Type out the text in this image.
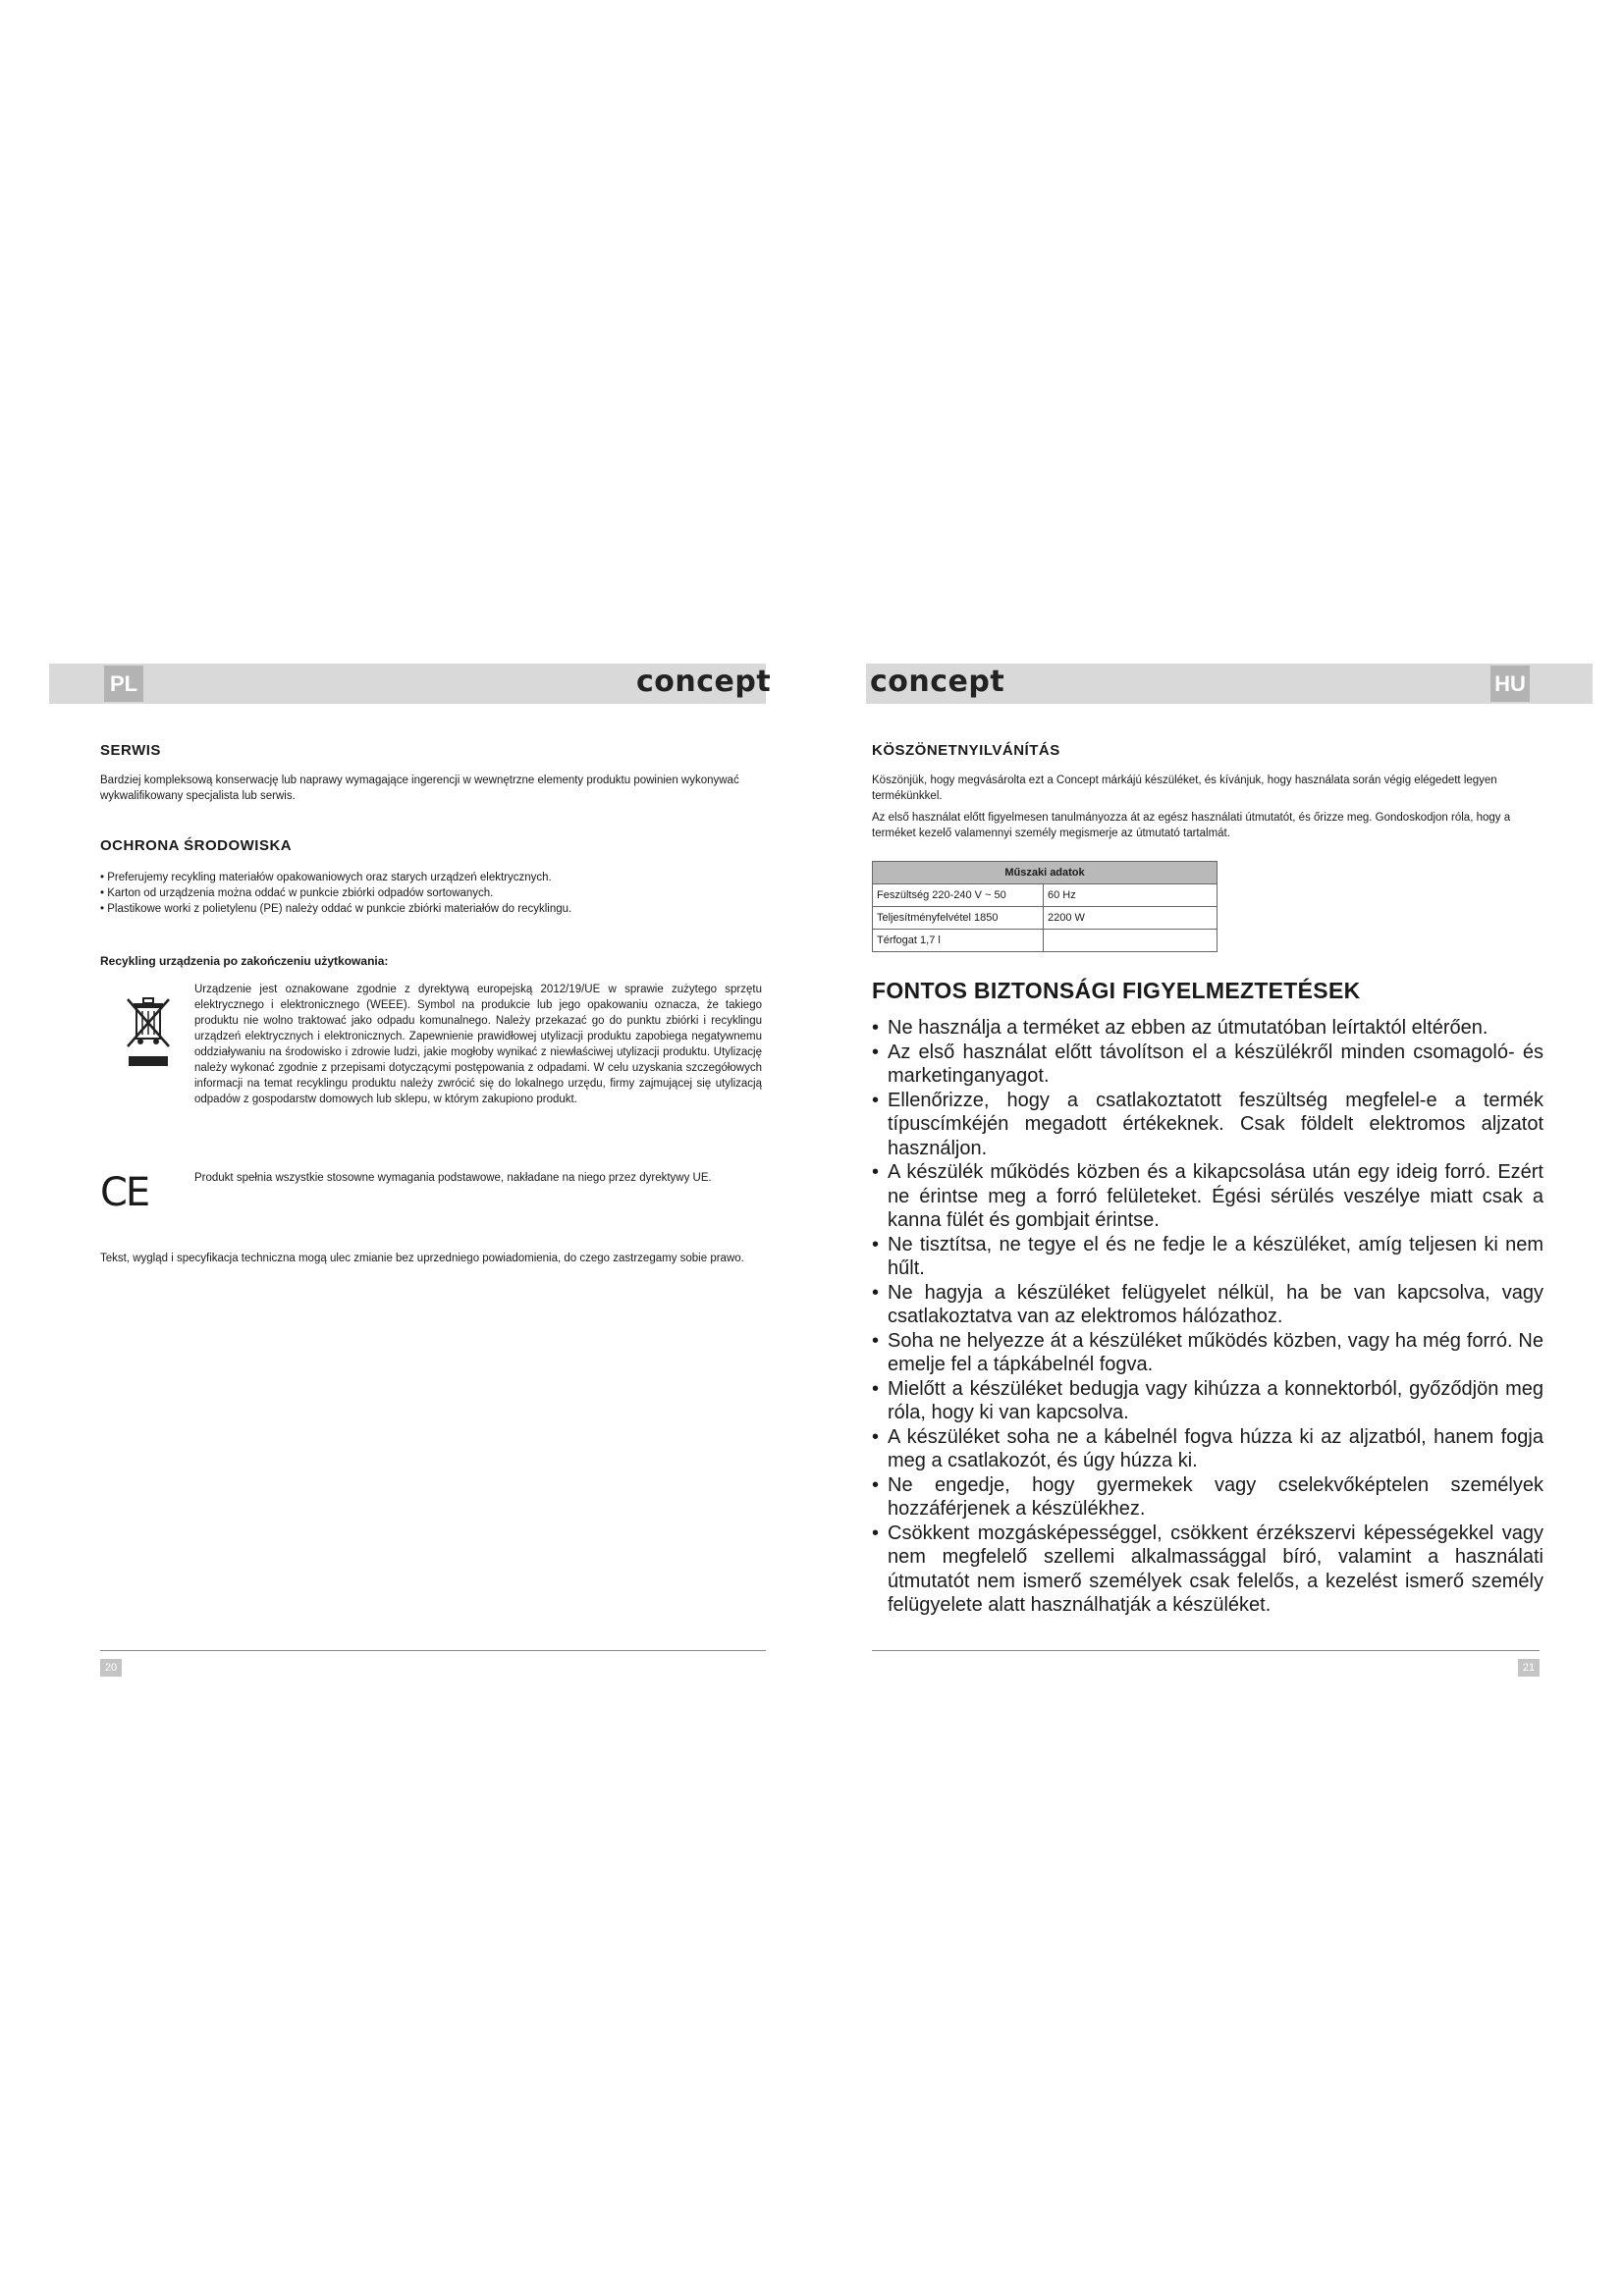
PL	HU
concept	concept
SERWIS

Bardziej kompleksową konserwację lub naprawy wymagające ingerencji w wewnętrzne elementy produktu powinien wykonywać wykwalifikowany specjalista lub serwis.

OCHRONA ŚRODOWISKA
• Preferujemy recykling materiałów opakowaniowych oraz starych urządzeń elektrycznych.
• Karton od urządzenia można oddać w punkcie zbiórki odpadów sortowanych.
• Plastikowe worki z polietylenu (PE) należy oddać w punkcie zbiórki materiałów do recyklingu.

Recykling urządzenia po zakończeniu użytkowania:

Urządzenie jest oznakowane zgodnie z dyrektywą europejską 2012/19/UE w sprawie zużytego sprzętu elektrycznego i elektronicznego (WEEE). Symbol na produkcie lub jego opakowaniu oznacza, że takiego produktu nie wolno traktować jako odpadu komunalnego. Należy przekazać go do punktu zbiórki i recyklingu urządzeń elektrycznych i elektronicznych. Zapewnienie prawidłowej utylizacji produktu zapobiega negatywnemu oddziaływaniu na środowisko i zdrowie ludzi, jakie mogłoby wynikać z niewłaściwej utylizacji produktu. Utylizację należy wykonać zgodnie z przepisami dotyczącymi postępowania z odpadami. W celu uzyskania szczegółowych informacji na temat recyklingu produktu należy zwrócić się do lokalnego urzędu, firmy zajmującej się utylizacją odpadów z gospodarstw domowych lub sklepu, w którym zakupiono produkt.

CE	Produkt spełnia wszystkie stosowne wymagania podstawowe, nakładane na niego przez dyrektywy UE.

Tekst, wygląd i specyfikacja techniczna mogą ulec zmianie bez uprzedniego powiadomienia, do czego zastrzegamy sobie prawo.

KÖSZÖNETNYILVÁNÍTÁS

Köszönjük, hogy megvásárolta ezt a Concept márkájú készüléket, és kívánjuk, hogy használata során végig elégedett legyen termékünkkel.

Az első használat előtt figyelmesen tanulmányozza át az egész használati útmutatót, és őrizze meg. Gondoskodjon róla, hogy a terméket kezelő valamennyi személy megismerje az útmutató tartalmát.

Műszaki adatok	
Feszültség 220-240 V ~ 50	60 Hz
Teljesítményfelvétel 1850	2200 W
Térfogat 1,7 l	
FONTOS BIZTONSÁGI FIGYELMEZTETÉSEK
• Ne használja a terméket az ebben az útmutatóban leírtaktól eltérően.
• Az első használat előtt távolítson el a készülékről minden csomagoló- és marketinganyagot.
• Ellenőrizze, hogy a csatlakoztatott feszültség megfelel-e a termék típuscímkéjén megadott értékeknek. Csak földelt elektromos aljzatot használjon.
• A készülék működés közben és a kikapcsolása után egy ideig forró. Ezért ne érintse meg a forró felületeket. Égési sérülés veszélye miatt csak a kanna fülét és gombjait érintse.
• Ne tisztítsa, ne tegye el és ne fedje le a készüléket, amíg teljesen ki nem hűlt.
• Ne hagyja a készüléket felügyelet nélkül, ha be van kapcsolva, vagy csatlakoztatva van az elektromos hálózathoz.
• Soha ne helyezze át a készüléket működés közben, vagy ha még forró. Ne emelje fel a tápkábelnél fogva.
• Mielőtt a készüléket bedugja vagy kihúzza a konnektorból, győződjön meg róla, hogy ki van kapcsolva.
• A készüléket soha ne a kábelnél fogva húzza ki az aljzatból, hanem fogja meg a csatlakozót, és úgy húzza ki.
• Ne engedje, hogy gyermekek vagy cselekvőképtelen személyek hozzáférjenek a készülékhez.
• Csökkent mozgásképességgel, csökkent érzékszervi képességekkel vagy nem megfelelő szellemi alkalmassággal bíró, valamint a használati útmutatót nem ismerő személyek csak felelős, a kezelést ismerő személy felügyelete alatt használhatják a készüléket.
20	21
